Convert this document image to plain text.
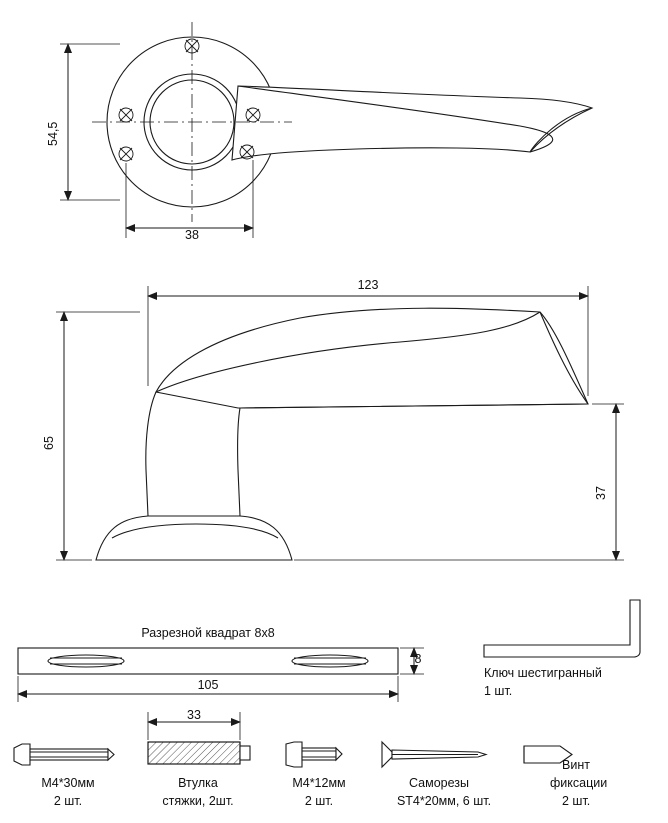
54,5
38
123
65
37
Разрезной квадрат 8х8
8
105
Ключ шестигранный
1 шт.
33
M4*30мм
2 шт.
Втулка
стяжки, 2шт.
M4*12мм
2 шт.
Саморезы
ST4*20мм, 6 шт.
Винт
фиксации
2 шт.
